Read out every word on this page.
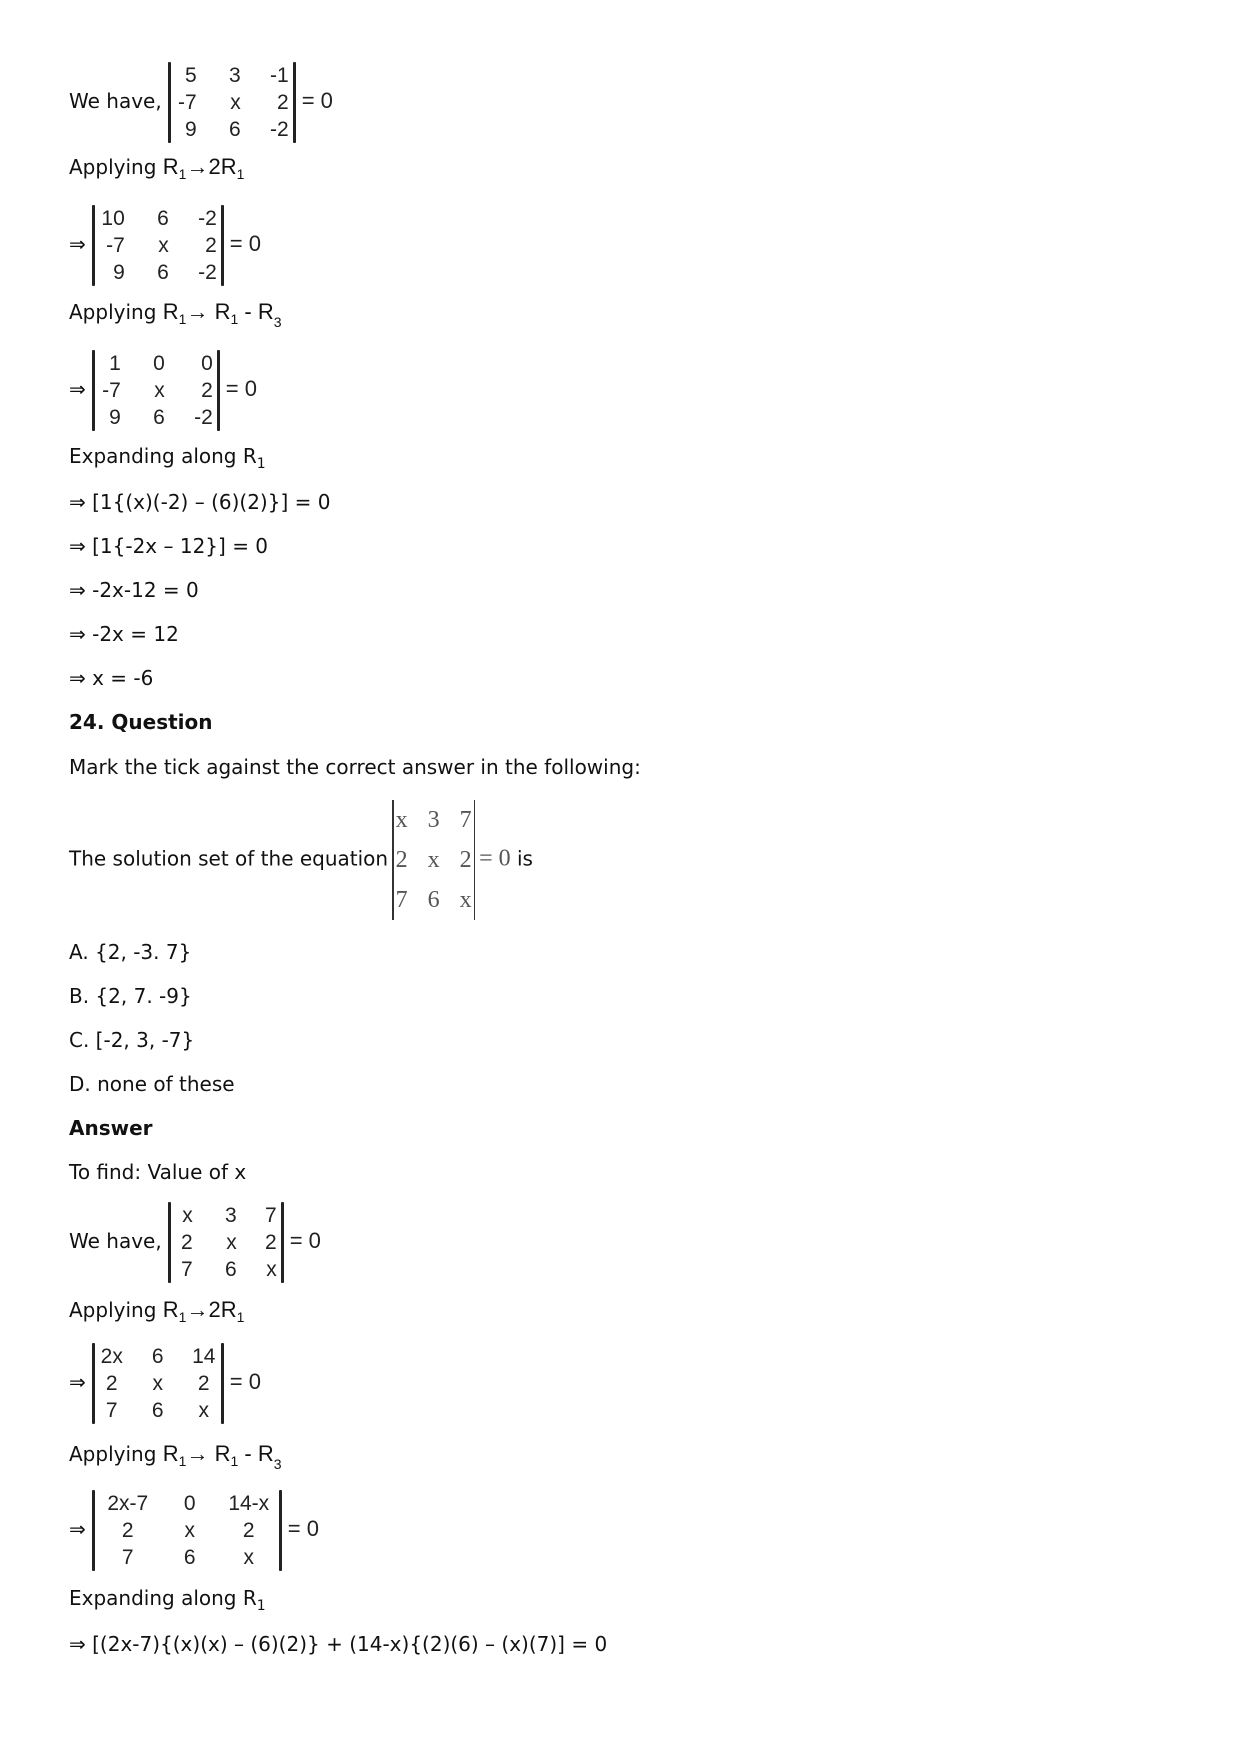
We have,
5	3	-1
-7	x	2
9	6	-2
= 0
Applying $R_1\to 2R_1$
⇒
10	6	-2
-7	x	2
9	6	-2
= 0
Applying $R_1\to R_1 - R_3$
⇒
1	0	0
-7	x	2
9	6	-2
= 0
Expanding along $R_1$
⇒ [1{(x)(-2) – (6)(2)}] = 0
⇒ [1{-2x – 12}] = 0
⇒ -2x-12 = 0
⇒ -2x = 12
⇒ x = -6
24. Question
Mark the tick against the correct answer in the following:
The solution set of the equation
x 3 7
2 x 2
7 6 x
= 0 is
A. {2, -3. 7}
B. {2, 7. -9}
C. [-2, 3, -7}
D. none of these
Answer
To find: Value of x
We have,
x	3	7
2	x	2
7	6	x
= 0
Applying $R_1\to 2R_1$
⇒
2x 6 14
2	x	2
7	6	x
= 0
Applying $R_1\to R_1 - R_3$
⇒
2x-7	0 14-x
2	x	2
7	6	x
= 0
Expanding along $R_1$
⇒ [(2x-7){(x)(x) – (6)(2)} + (14-x){(2)(6) – (x)(7)] = 0
